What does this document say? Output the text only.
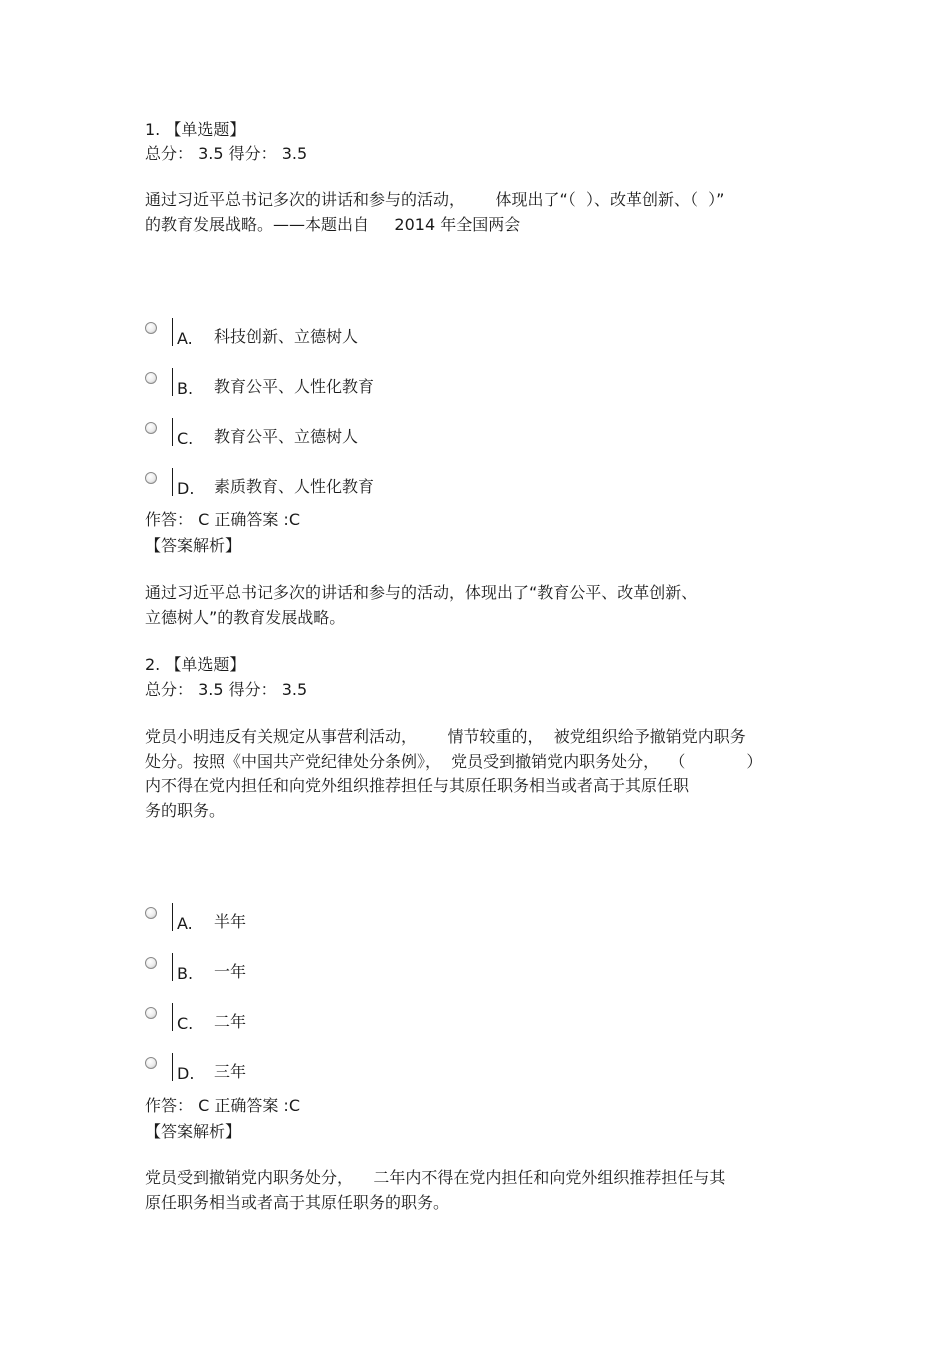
1. 【单选题】
总分： 3.5 得分： 3.5
通过习近平总书记多次的讲话和参与的活动，      体现出了“（  ）、改革创新、（  ）”
的教育发展战略。——本题出自     2014 年全国两会
A. 科技创新、立德树人
B. 教育公平、人性化教育
C. 教育公平、立德树人
D. 素质教育、人性化教育
作答： C 正确答案 :C
【答案解析】
通过习近平总书记多次的讲话和参与的活动，体现出了“教育公平、改革创新、
立德树人”的教育发展战略。
2. 【单选题】
总分： 3.5 得分： 3.5
党员小明违反有关规定从事营利活动，      情节较重的，  被党组织给予撤销党内职务
处分。按照《中国共产党纪律处分条例》，  党员受到撤销党内职务处分，  （            ）
内不得在党内担任和向党外组织推荐担任与其原任职务相当或者高于其原任职
务的职务。
A. 半年
B. 一年
C. 二年
D. 三年
作答： C 正确答案 :C
【答案解析】
党员受到撤销党内职务处分，    二年内不得在党内担任和向党外组织推荐担任与其
原任职务相当或者高于其原任职务的职务。
